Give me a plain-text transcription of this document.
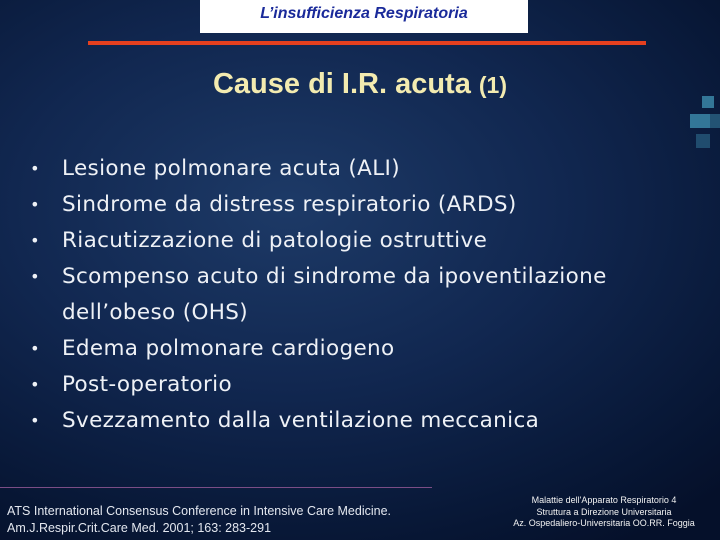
L’insufficienza Respiratoria
Cause di I.R. acuta (1)
• Lesione polmonare acuta (ALI)
• Sindrome da distress respiratorio (ARDS)
• Riacutizzazione di patologie ostruttive
• Scompenso acuto di sindrome da ipoventilazione
dell’obeso (OHS)
• Edema polmonare cardiogeno
• Post-operatorio
• Svezzamento dalla ventilazione meccanica
ATS International Consensus Conference in Intensive Care Medicine.
Am.J.Respir.Crit.Care Med. 2001; 163: 283-291
Malattie dell'Apparato Respiratorio 4
Struttura a Direzione Universitaria
Az. Ospedaliero-Universitaria OO.RR. Foggia
